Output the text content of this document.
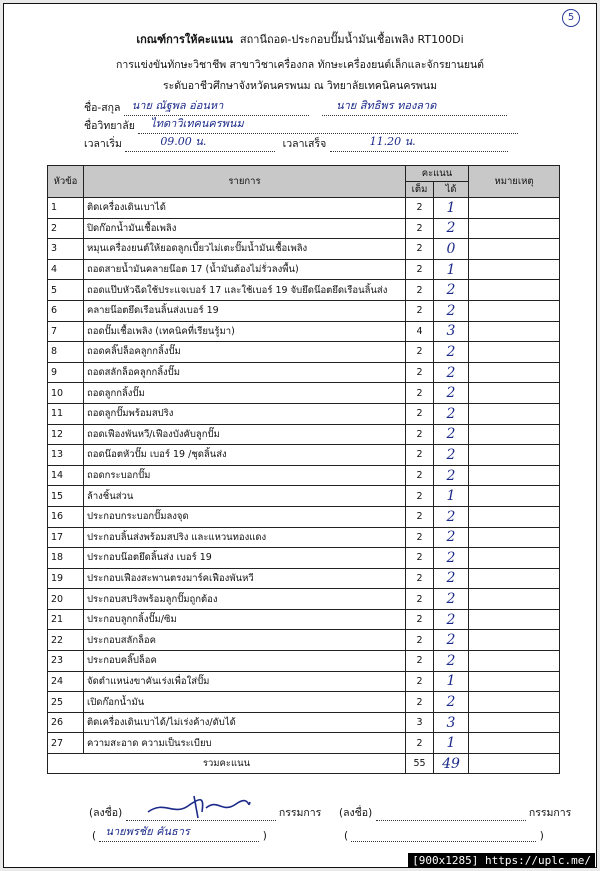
5
เกณฑ์การให้คะแนน สถานีถอด-ประกอบปั๊มน้ำมันเชื้อเพลิง RT100Di
การแข่งขันทักษะวิชาชีพ สาขาวิชาเครื่องกล ทักษะเครื่องยนต์เล็กและจักรยานยนต์
ระดับอาชีวศึกษาจังหวัดนครพนม ณ วิทยาลัยเทคนิคนครพนม
ชื่อ-สกุล นาย ณัฐพล อ่อนหา
	นาย สิทธิพร ทองลาด
ชื่อวิทยาลัย ไทดาวิเทคนครพนม
เวลาเริ่ม	09.00 น.	เวลาเสร็จ	11.20 น.
หัวข้อ	รายการ	คะแนน		หมายเหตุ
		เต็ม	ได้	
1	ติดเครื่องเดินเบาได้	2	1	
2	ปิดก๊อกน้ำมันเชื้อเพลิง	2	2	
3	หมุนเครื่องยนต์ให้ยอดลูกเบี้ยวไม่เตะปั๊มน้ำมันเชื้อเพลิง	2	0	
4	ถอดสายน้ำมันคลายน๊อต 17 (น้ำมันต้องไม่รั่วลงพื้น)	2	1	
5	ถอดแป๊บหัวฉีดใช้ประแจเบอร์ 17 และใช้เบอร์ 19 จับยึดน๊อตยึดเรือนลิ้นส่ง	2	2	
6	คลายน๊อตยึดเรือนลิ้นส่งเบอร์ 19	2	2	
7	ถอดปั๊มเชื้อเพลิง (เทคนิคที่เรียนรู้มา)	4	3	
8	ถอดคลิ๊ปล็อคลูกกลิ้งปั๊ม	2	2	
9	ถอดสลักล็อคลูกกลิ้งปั๊ม	2	2	
10	ถอดลูกกลิ้งปั๊ม	2	2	
11	ถอดลูกปั๊มพร้อมสปริง	2	2	
12	ถอดเฟืองพันหวี/เฟืองบังคับลูกปั๊ม	2	2	
13	ถอดน๊อตหัวปั๊ม เบอร์ 19 /ชุดลิ้นส่ง	2	2	
14	ถอดกระบอกปั๊ม	2	2	
15	ล้างชิ้นส่วน	2	1	
16	ประกอบกระบอกปั๊มลงจุด	2	2	
17	ประกอบลิ้นส่งพร้อมสปริง และแหวนทองแดง	2	2	
18	ประกอบน๊อตยึดลิ้นส่ง เบอร์ 19	2	2	
19	ประกอบเฟืองสะพานตรงมาร์คเฟืองพันหวี	2	2	
20	ประกอบสปริงพร้อมลูกปั๊มถูกต้อง	2	2	
21	ประกอบลูกกลิ้งปั๊ม/ซิม	2	2	
22	ประกอบสลักล็อค	2	2	
23	ประกอบคลิ๊ปล็อค	2	2	
24	จัดตำแหน่งขาคันเร่งเพื่อใส่ปั๊ม	2	1	
25	เปิดก๊อกน้ำมัน	2	2	
26	ติดเครื่องเดินเบาได้/ไม่เร่งค้าง/ดับได้	3	3	
27	ความสะอาด ความเป็นระเบียบ	2	1	
รวมคะแนน		55	49	
(ลงชื่อ)	กรรมการ (ลงชื่อ)	กรรมการ
( นายพรชัย คันธาร	)	(	)
[900x1285] https://uplc.me/
